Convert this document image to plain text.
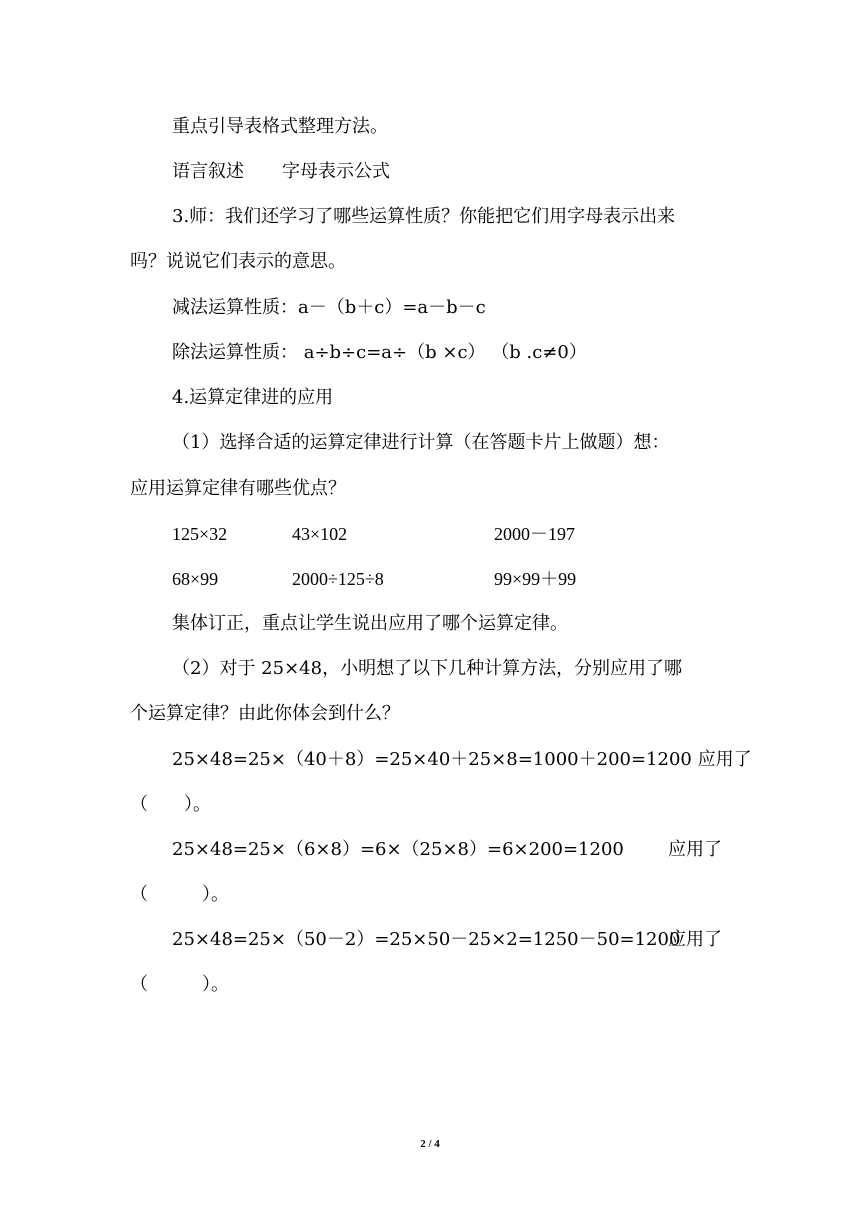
重点引导表格式整理方法。
语言叙述 字母表示公式
3.师：我们还学习了哪些运算性质？你能把它们用字母表示出来
吗？说说它们表示的意思。
减法运算性质：a－（b＋c）=a－b－c
除法运算性质： a÷b÷c=a÷（b ×c） （b .c≠0）
4.运算定律进的应用
（1）选择合适的运算定律进行计算（在答题卡片上做题）想：
应用运算定律有哪些优点？
125×32	43×102	2000－197
68×99	2000÷125÷8	99×99＋99
集体订正，重点让学生说出应用了哪个运算定律。
（2）对于 25×48，小明想了以下几种计算方法，分别应用了哪
个运算定律？由此你体会到什么？
25×48=25×（40＋8）=25×40＋25×8=1000＋200=1200 应用了
（　　）。
25×48=25×（6×8）=6×（25×8）=6×200=1200 应用了
（　　　）。
25×48=25×（50－2）=25×50－25×2=1250－50=1200
应用了
（　　　）。
2 / 4
